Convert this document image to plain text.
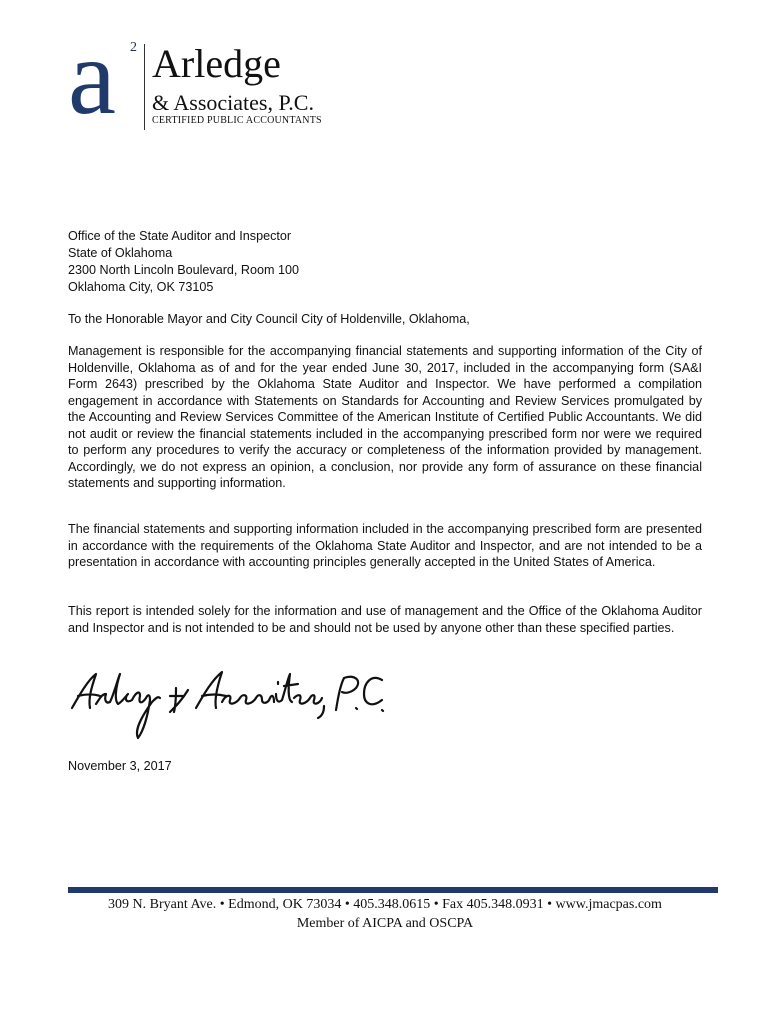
a 2 Arledge
& Associates, P.C.
CERTIFIED PUBLIC ACCOUNTANTS
Office of the State Auditor and Inspector
State of Oklahoma
2300 North Lincoln Boulevard, Room 100
Oklahoma City, OK 73105
To the Honorable Mayor and City Council City of Holdenville, Oklahoma,

Management is responsible for the accompanying financial statements and supporting information of the City of Holdenville, Oklahoma as of and for the year ended June 30, 2017, included in the accompanying form (SA&I Form 2643) prescribed by the Oklahoma State Auditor and Inspector. We have performed a compilation engagement in accordance with Statements on Standards for Accounting and Review Services promulgated by the Accounting and Review Services Committee of the American Institute of Certified Public Accountants. We did not audit or review the financial statements included in the accompanying prescribed form nor were we required to perform any procedures to verify the accuracy or completeness of the information provided by management. Accordingly, we do not express an opinion, a conclusion, nor provide any form of assurance on these financial statements and supporting information.

The financial statements and supporting information included in the accompanying prescribed form are presented in accordance with the requirements of the Oklahoma State Auditor and Inspector, and are not intended to be a presentation in accordance with accounting principles generally accepted in the United States of America.

This report is intended solely for the information and use of management and the Office of the Oklahoma Auditor and Inspector and is not intended to be and should not be used by anyone other than these specified parties.

November 3, 2017
309 N. Bryant Ave. • Edmond, OK 73034 • 405.348.0615 • Fax 405.348.0931 • www.jmacpas.com
Member of AICPA and OSCPA
